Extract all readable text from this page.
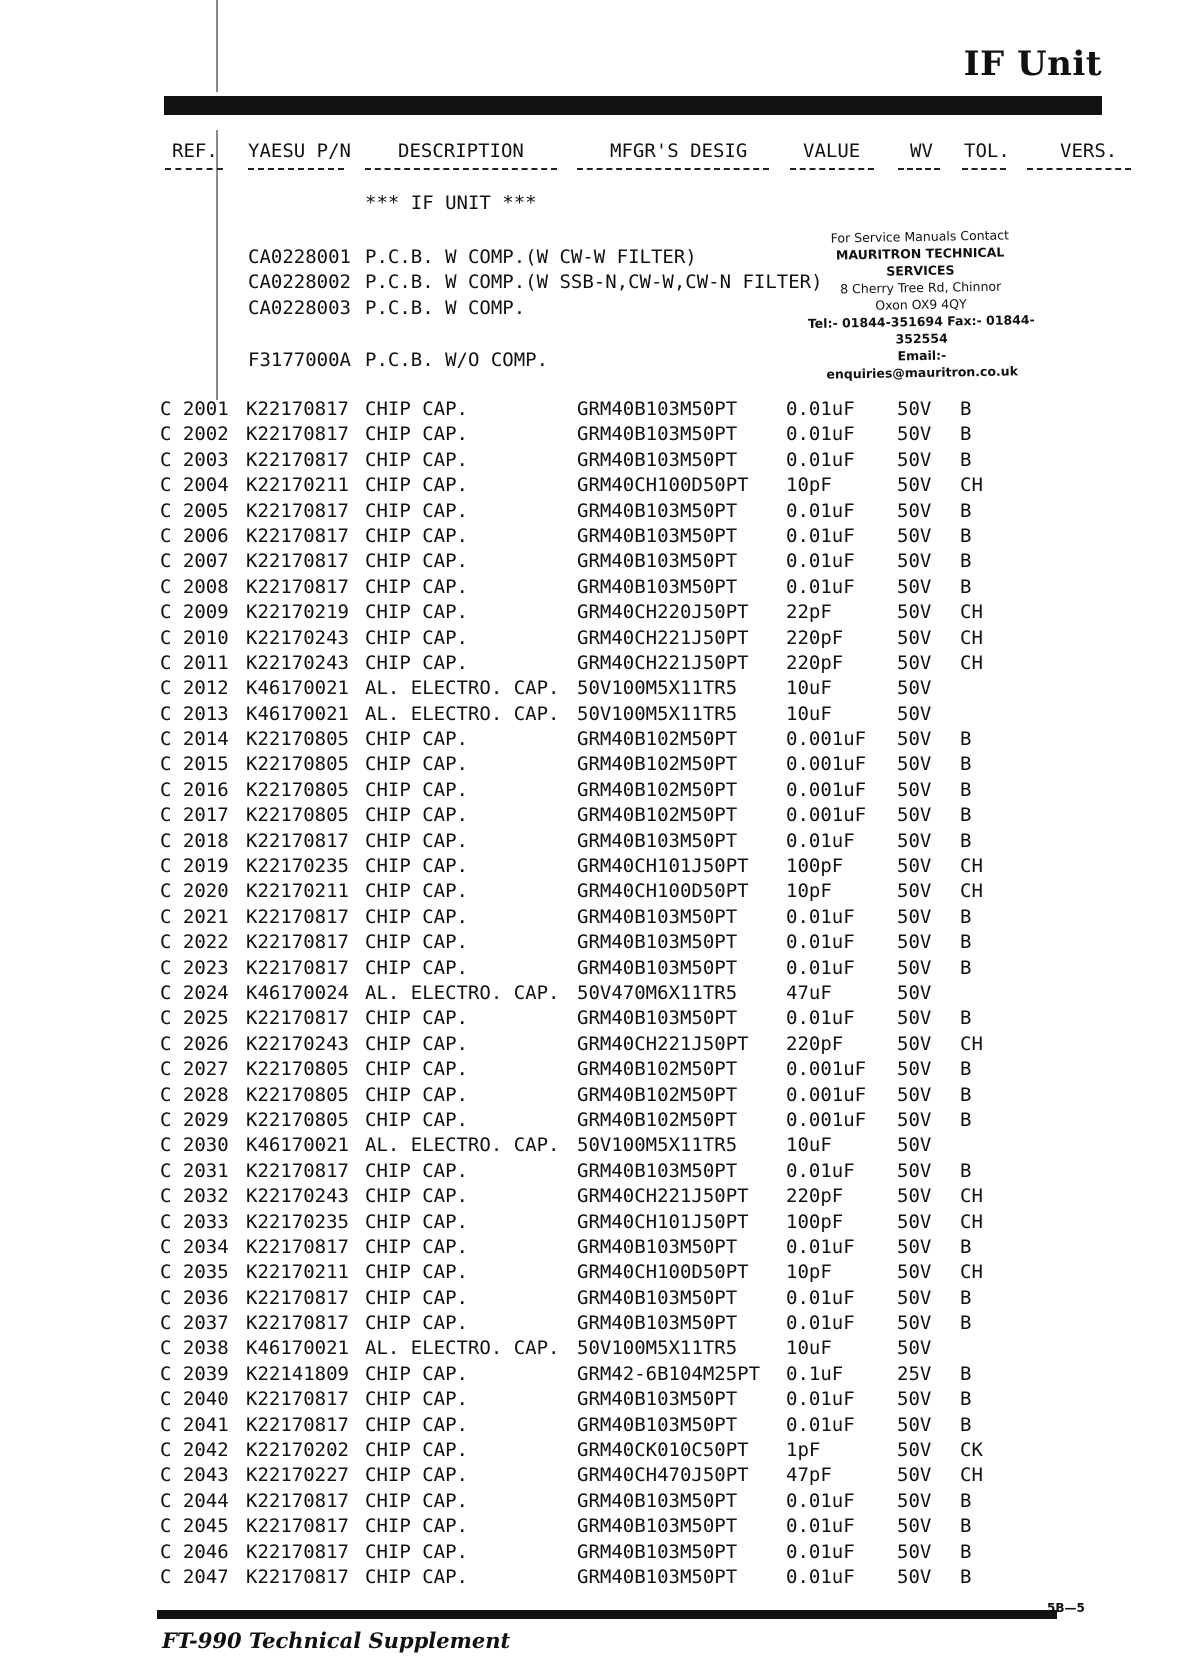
IF Unit
REF. YAESU P/N DESCRIPTION	MFGR'S DESIG	VALUE	WV TOL.	VERS.
*** IF UNIT ***
CA0228001 P.C.B. W COMP.(W CW-W FILTER)
CA0228002 P.C.B. W COMP.(W SSB-N,CW-W,CW-N FILTER)
CA0228003 P.C.B. W COMP.
F3177000A P.C.B. W/O COMP.
For Service Manuals Contact
MAURITRON TECHNICAL SERVICES
8 Cherry Tree Rd, Chinnor
Oxon OX9 4QY
Tel:- 01844-351694 Fax:- 01844-352554
Email:- enquiries@mauritron.co.uk
C 2001 K22170817 CHIP CAP.	GRM40B103M50PT	0.01uF 50V B
C 2002 K22170817 CHIP CAP.	GRM40B103M50PT	0.01uF 50V B
C 2003 K22170817 CHIP CAP.	GRM40B103M50PT	0.01uF 50V B
C 2004 K22170211 CHIP CAP.	GRM40CH100D50PT 10pF	50V CH
C 2005 K22170817 CHIP CAP.	GRM40B103M50PT	0.01uF 50V B
C 2006 K22170817 CHIP CAP.	GRM40B103M50PT	0.01uF 50V B
C 2007 K22170817 CHIP CAP.	GRM40B103M50PT	0.01uF 50V B
C 2008 K22170817 CHIP CAP.	GRM40B103M50PT	0.01uF 50V B
C 2009 K22170219 CHIP CAP.	GRM40CH220J50PT 22pF	50V CH
C 2010 K22170243 CHIP CAP.	GRM40CH221J50PT 220pF	50V CH
C 2011 K22170243 CHIP CAP.	GRM40CH221J50PT 220pF	50V CH
C 2012 K46170021 AL. ELECTRO. CAP. 50V100M5X11TR5	10uF	50V
C 2013 K46170021 AL. ELECTRO. CAP. 50V100M5X11TR5	10uF	50V
C 2014 K22170805 CHIP CAP.	GRM40B102M50PT	0.001uF 50V B
C 2015 K22170805 CHIP CAP.	GRM40B102M50PT	0.001uF 50V B
C 2016 K22170805 CHIP CAP.	GRM40B102M50PT	0.001uF 50V B
C 2017 K22170805 CHIP CAP.	GRM40B102M50PT	0.001uF 50V B
C 2018 K22170817 CHIP CAP.	GRM40B103M50PT	0.01uF 50V B
C 2019 K22170235 CHIP CAP.	GRM40CH101J50PT 100pF	50V CH
C 2020 K22170211 CHIP CAP.	GRM40CH100D50PT 10pF	50V CH
C 2021 K22170817 CHIP CAP.	GRM40B103M50PT	0.01uF 50V B
C 2022 K22170817 CHIP CAP.	GRM40B103M50PT	0.01uF 50V B
C 2023 K22170817 CHIP CAP.	GRM40B103M50PT	0.01uF 50V B
C 2024 K46170024 AL. ELECTRO. CAP. 50V470M6X11TR5	47uF	50V
C 2025 K22170817 CHIP CAP.	GRM40B103M50PT	0.01uF 50V B
C 2026 K22170243 CHIP CAP.	GRM40CH221J50PT 220pF	50V CH
C 2027 K22170805 CHIP CAP.	GRM40B102M50PT	0.001uF 50V B
C 2028 K22170805 CHIP CAP.	GRM40B102M50PT	0.001uF 50V B
C 2029 K22170805 CHIP CAP.	GRM40B102M50PT	0.001uF 50V B
C 2030 K46170021 AL. ELECTRO. CAP. 50V100M5X11TR5	10uF	50V
C 2031 K22170817 CHIP CAP.	GRM40B103M50PT	0.01uF 50V B
C 2032 K22170243 CHIP CAP.	GRM40CH221J50PT 220pF	50V CH
C 2033 K22170235 CHIP CAP.	GRM40CH101J50PT 100pF	50V CH
C 2034 K22170817 CHIP CAP.	GRM40B103M50PT	0.01uF 50V B
C 2035 K22170211 CHIP CAP.	GRM40CH100D50PT 10pF	50V CH
C 2036 K22170817 CHIP CAP.	GRM40B103M50PT	0.01uF 50V B
C 2037 K22170817 CHIP CAP.	GRM40B103M50PT	0.01uF 50V B
C 2038 K46170021 AL. ELECTRO. CAP. 50V100M5X11TR5	10uF	50V
C 2039 K22141809 CHIP CAP.	GRM42-6B104M25PT 0.1uF	25V B
C 2040 K22170817 CHIP CAP.	GRM40B103M50PT	0.01uF 50V B
C 2041 K22170817 CHIP CAP.	GRM40B103M50PT	0.01uF 50V B
C 2042 K22170202 CHIP CAP.	GRM40CK010C50PT 1pF	50V CK
C 2043 K22170227 CHIP CAP.	GRM40CH470J50PT 47pF	50V CH
C 2044 K22170817 CHIP CAP.	GRM40B103M50PT	0.01uF 50V B
C 2045 K22170817 CHIP CAP.	GRM40B103M50PT	0.01uF 50V B
C 2046 K22170817 CHIP CAP.	GRM40B103M50PT	0.01uF 50V B
C 2047 K22170817 CHIP CAP.	GRM40B103M50PT	0.01uF 50V B
5B—5
FT-990 Technical Supplement
